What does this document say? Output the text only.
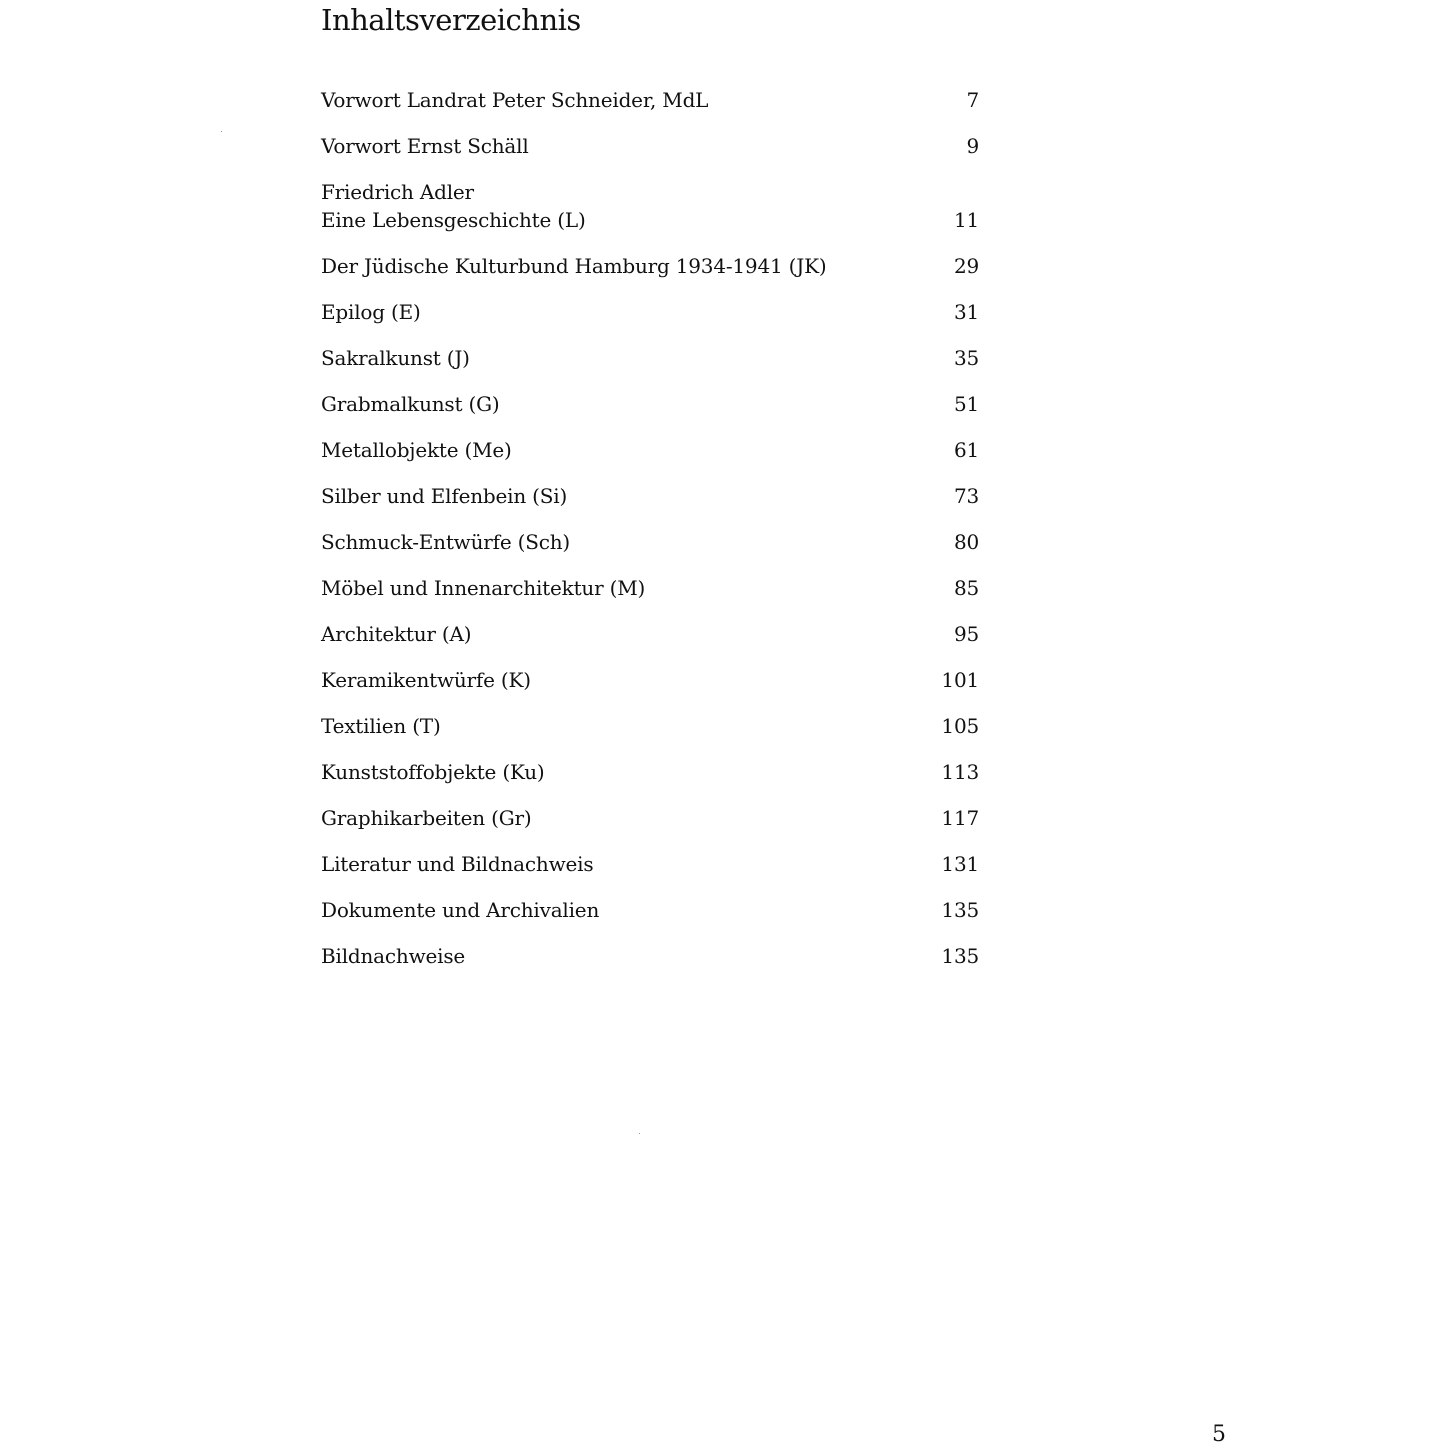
Inhaltsverzeichnis
Vorwort Landrat Peter Schneider, MdL	7
Vorwort Ernst Schäll	9
Friedrich Adler
Eine Lebensgeschichte (L)	11
Der Jüdische Kulturbund Hamburg 1934-1941 (JK)	29
Epilog (E)	31
Sakralkunst (J)	35
Grabmalkunst (G)	51
Metallobjekte (Me)	61
Silber und Elfenbein (Si)	73
Schmuck-Entwürfe (Sch)	80
Möbel und Innenarchitektur (M)	85
Architektur (A)	95
Keramikentwürfe (K)	101
Textilien (T)	105
Kunststoffobjekte (Ku)	113
Graphikarbeiten (Gr)	117
Literatur und Bildnachweis	131
Dokumente und Archivalien	135
Bildnachweise	135
5
